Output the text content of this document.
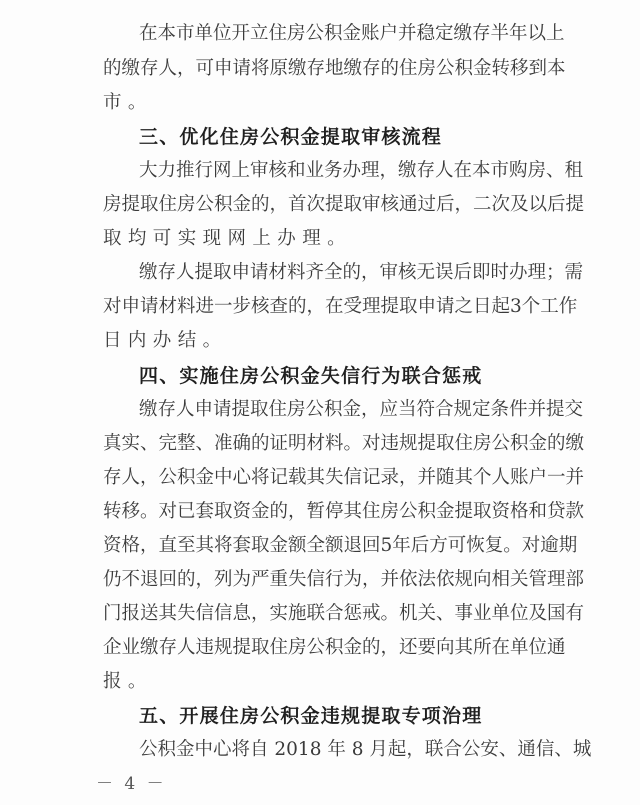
在本市单位开立住房公积金账户并稳定缴存半年以上
的缴存人，可申请将原缴存地缴存的住房公积金转移到本
市。
三、优化住房公积金提取审核流程
大力推行网上审核和业务办理，缴存人在本市购房、租
房提取住房公积金的，首次提取审核通过后，二次及以后提
取均可实现网上办理。
缴存人提取申请材料齐全的，审核无误后即时办理；需
对申请材料进一步核查的，在受理提取申请之日起3个工作
日内办结。
四、实施住房公积金失信行为联合惩戒
缴存人申请提取住房公积金，应当符合规定条件并提交
真实、完整、准确的证明材料。对违规提取住房公积金的缴
存人，公积金中心将记载其失信记录，并随其个人账户一并
转移。对已套取资金的，暂停其住房公积金提取资格和贷款
资格，直至其将套取金额全额退回5年后方可恢复。对逾期
仍不退回的，列为严重失信行为，并依法依规向相关管理部
门报送其失信信息，实施联合惩戒。机关、事业单位及国有
企业缴存人违规提取住房公积金的，还要向其所在单位通
报。
五、开展住房公积金违规提取专项治理
公积金中心将自 2018 年 8 月起，联合公安、通信、城
－ 4 －
